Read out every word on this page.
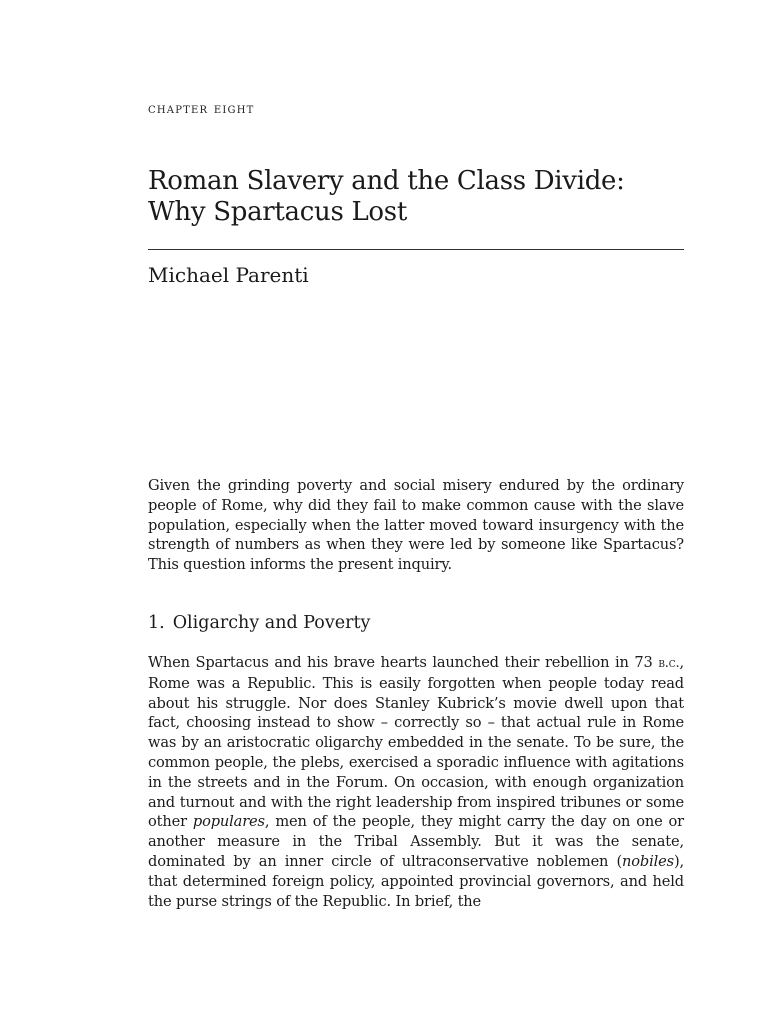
chapter eight
Roman Slavery and the Class Divide:
Why Spartacus Lost
Michael Parenti

Given the grinding poverty and social misery endured by the ordinary people of Rome, why did they fail to make common cause with the slave population, especially when the latter moved toward insurgency with the strength of numbers as when they were led by someone like Spartacus? This question informs the present inquiry.

1. Oligarchy and Poverty

When Spartacus and his brave hearts launched their rebellion in 73 b.c., Rome was a Republic. This is easily forgotten when people today read about his struggle. Nor does Stanley Kubrick’s movie dwell upon that fact, choosing instead to show – correctly so – that actual rule in Rome was by an aristocratic oligarchy embedded in the senate. To be sure, the common people, the plebs, exercised a sporadic influence with agitations in the streets and in the Forum. On occasion, with enough organization and turnout and with the right leadership from inspired tribunes or some other populares, men of the people, they might carry the day on one or another measure in the Tribal Assembly. But it was the senate, dominated by an inner circle of ultraconservative noblemen (nobiles), that determined foreign policy, appointed provincial governors, and held the purse strings of the Republic. In brief, the
